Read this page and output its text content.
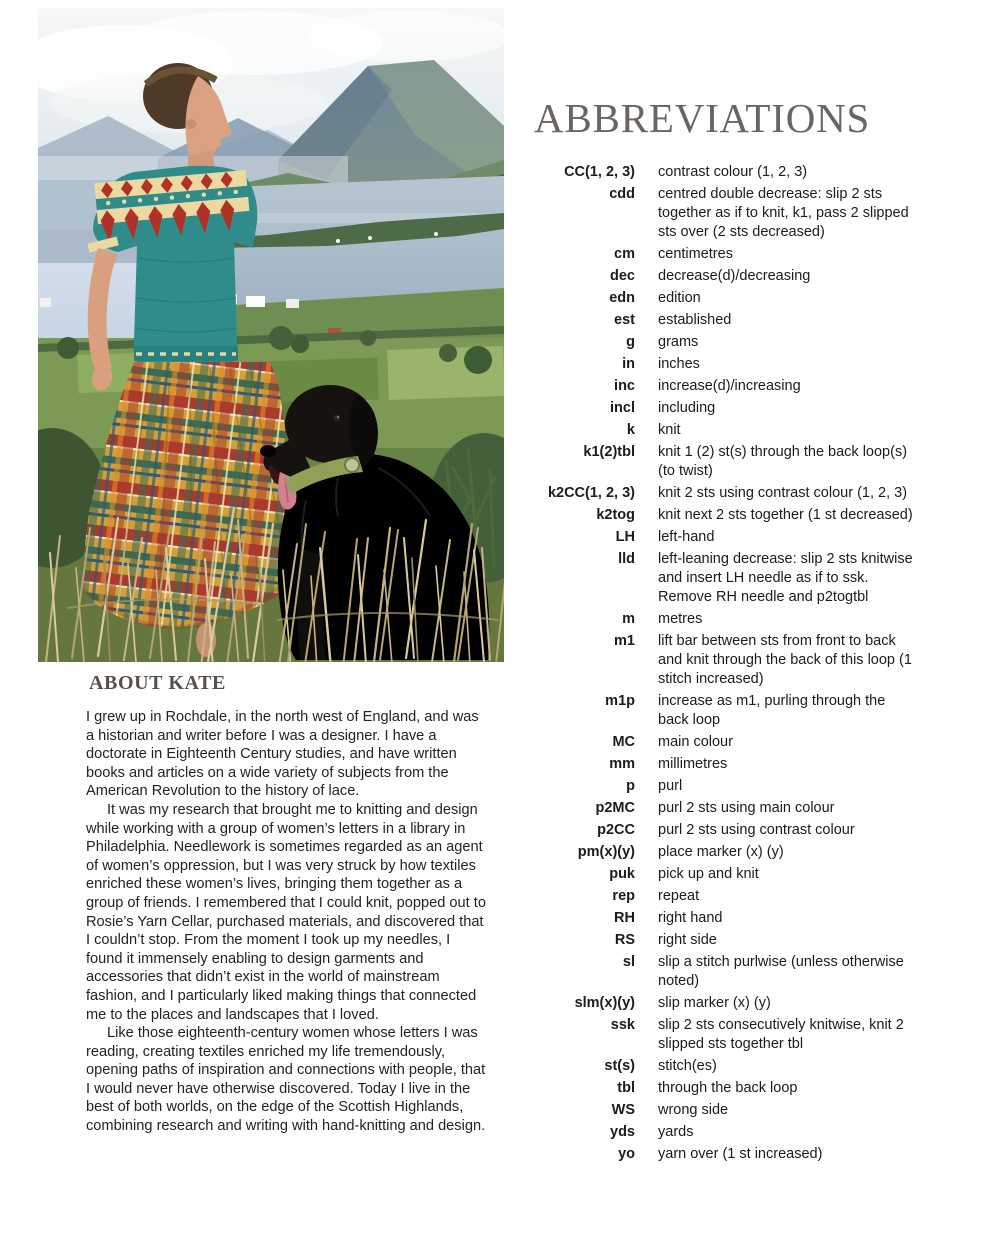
ABOUT KATE

I grew up in Rochdale, in the north west of England, and was a historian and writer before I was a designer. I have a doctorate in Eighteenth Century studies, and have written books and articles on a wide variety of subjects from the American Revolution to the history of lace.

It was my research that brought me to knitting and design while working with a group of women’s letters in a library in Philadelphia. Needlework is sometimes regarded as an agent of women’s oppression, but I was very struck by how textiles enriched these women’s lives, bringing them together as a group of friends. I remembered that I could knit, popped out to Rosie’s Yarn Cellar, purchased materials, and discovered that I couldn’t stop. From the moment I took up my needles, I found it immensely enabling to design garments and accessories that didn’t exist in the world of mainstream fashion, and I particularly liked making things that connected me to the places and landscapes that I loved.

Like those eighteenth-century women whose letters I was reading, creating textiles enriched my life tremendously, opening paths of inspiration and connections with people, that I would never have otherwise discovered. Today I live in the best of both worlds, on the edge of the Scottish Highlands, combining research and writing with hand-knitting and design.

ABBREVIATIONS
CC(1, 2, 3) contrast colour (1, 2, 3)
cdd centred double decrease: slip 2 sts together as if to knit, k1, pass 2 slipped sts over (2 sts decreased)
cm centimetres
dec decrease(d)/decreasing
edn edition
est established
g grams
in inches
inc increase(d)/increasing
incl including
k knit
k1(2)tbl knit 1 (2) st(s) through the back loop(s) (to twist)
k2CC(1, 2, 3) knit 2 sts using contrast colour (1, 2, 3)
k2tog knit next 2 sts together (1 st decreased)
LH left-hand
lld left-leaning decrease: slip 2 sts knitwise and insert LH needle as if to ssk. Remove RH needle and p2togtbl
m metres
m1 lift bar between sts from front to back and knit through the back of this loop (1 stitch increased)
m1p increase as m1, purling through the back loop
MC main colour
mm millimetres
p purl
p2MC purl 2 sts using main colour
p2CC purl 2 sts using contrast colour
pm(x)(y) place marker (x) (y)
puk pick up and knit
rep repeat
RH right hand
RS right side
sl slip a stitch purlwise (unless otherwise noted)
slm(x)(y) slip marker (x) (y)
ssk slip 2 sts consecutively knitwise, knit 2 slipped sts together tbl
st(s) stitch(es)
tbl through the back loop
WS wrong side
yds yards
yo yarn over (1 st increased)
